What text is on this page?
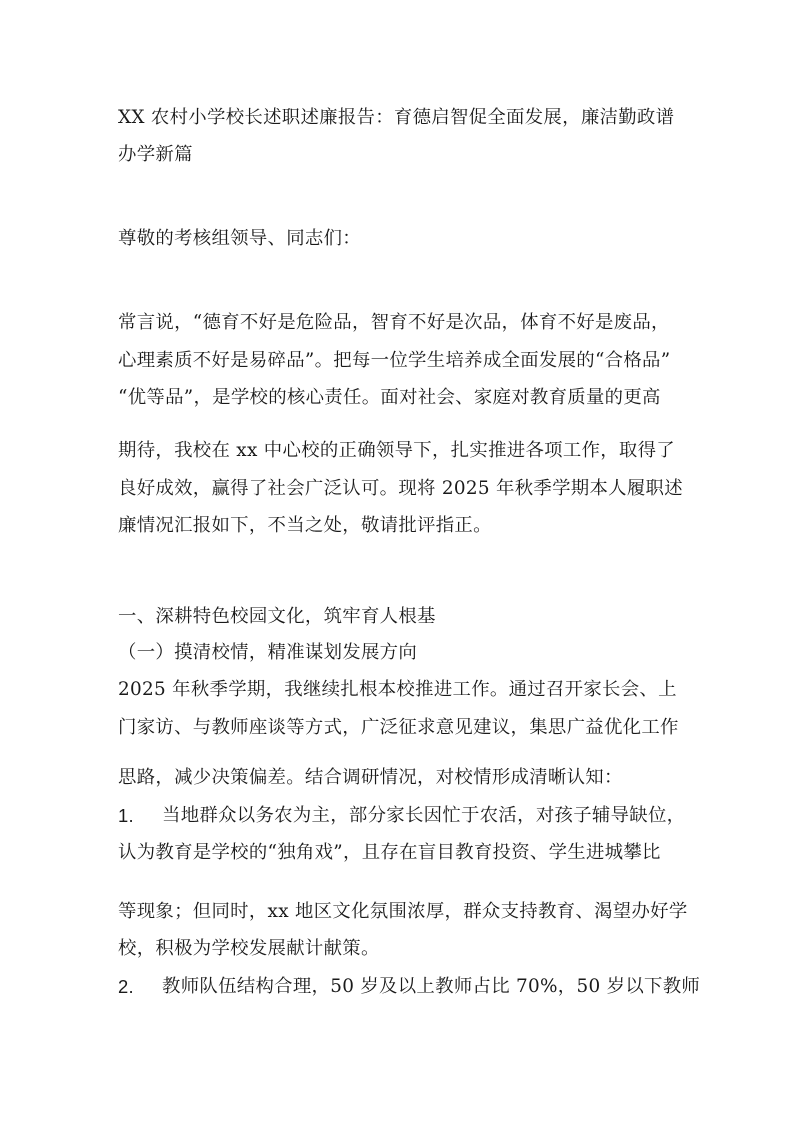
XX 农村小学校长述职述廉报告：育德启智促全面发展，廉洁勤政谱
办学新篇
尊敬的考核组领导、同志们：
常言说，“德育不好是危险品，智育不好是次品，体育不好是废品，
心理素质不好是易碎品”。把每一位学生培养成全面发展的“合格品”
“优等品”，是学校的核心责任。面对社会、家庭对教育质量的更高
期待，我校在 xx 中心校的正确领导下，扎实推进各项工作，取得了
良好成效，赢得了社会广泛认可。现将 2025 年秋季学期本人履职述
廉情况汇报如下，不当之处，敬请批评指正。
一、深耕特色校园文化，筑牢育人根基
（一）摸清校情，精准谋划发展方向
2025 年秋季学期，我继续扎根本校推进工作。通过召开家长会、上
门家访、与教师座谈等方式，广泛征求意见建议，集思广益优化工作
思路，减少决策偏差。结合调研情况，对校情形成清晰认知：
1. 当地群众以务农为主，部分家长因忙于农活，对孩子辅导缺位，
认为教育是学校的“独角戏”，且存在盲目教育投资、学生进城攀比
等现象；但同时，xx 地区文化氛围浓厚，群众支持教育、渴望办好学
校，积极为学校发展献计献策。
2. 教师队伍结构合理，50 岁及以上教师占比 70%，50 岁以下教师
